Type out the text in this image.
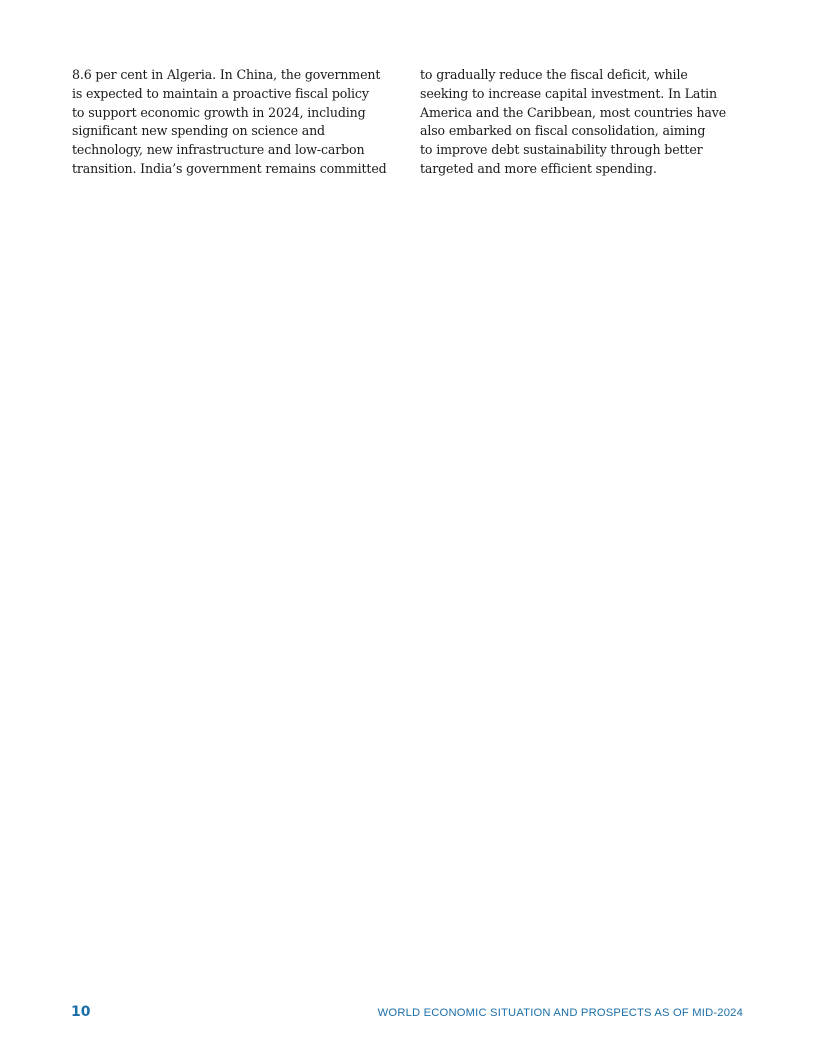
8.6 per cent in Algeria. In China, the government
is expected to maintain a proactive fiscal policy
to support economic growth in 2024, including
significant new spending on science and
technology, new infrastructure and low-carbon
transition. India’s government remains committed
to gradually reduce the fiscal deficit, while
seeking to increase capital investment. In Latin
America and the Caribbean, most countries have
also embarked on fiscal consolidation, aiming
to improve debt sustainability through better
targeted and more efficient spending.
10	WORLD ECONOMIC SITUATION AND PROSPECTS AS OF MID-2024
